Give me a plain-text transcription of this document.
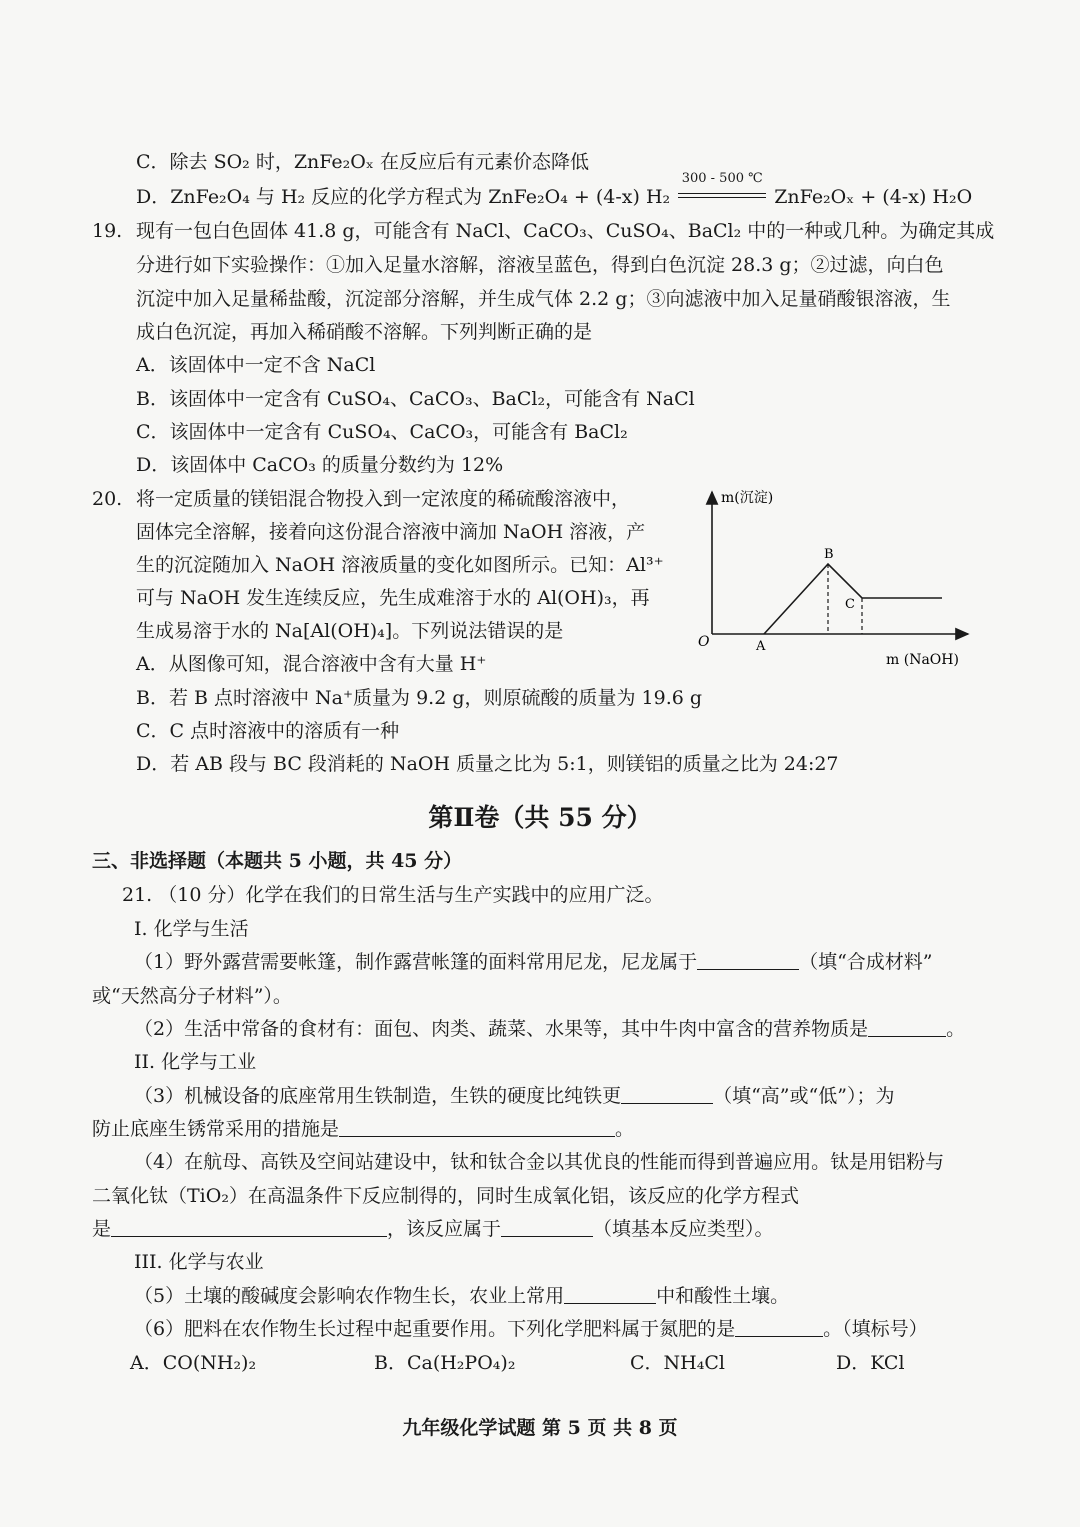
C．除去 SO₂ 时，ZnFe₂Oₓ 在反应后有元素价态降低
D．ZnFe₂O₄ 与 H₂ 反应的化学方程式为 ZnFe₂O₄ + (4-x) H₂
300 - 500 ℃
ZnFe₂Oₓ + (4-x) H₂O
19. 现有一包白色固体 41.8 g，可能含有 NaCl、CaCO₃、CuSO₄、BaCl₂ 中的一种或几种。为确定其成
分进行如下实验操作：①加入足量水溶解，溶液呈蓝色，得到白色沉淀 28.3 g；②过滤，向白色
沉淀中加入足量稀盐酸，沉淀部分溶解，并生成气体 2.2 g；③向滤液中加入足量硝酸银溶液，生
成白色沉淀，再加入稀硝酸不溶解。下列判断正确的是
A．该固体中一定不含 NaCl
B．该固体中一定含有 CuSO₄、CaCO₃、BaCl₂，可能含有 NaCl
C．该固体中一定含有 CuSO₄、CaCO₃，可能含有 BaCl₂
D．该固体中 CaCO₃ 的质量分数约为 12%
20. 将一定质量的镁铝混合物投入到一定浓度的稀硫酸溶液中，
固体完全溶解，接着向这份混合溶液中滴加 NaOH 溶液，产
生的沉淀随加入 NaOH 溶液质量的变化如图所示。已知：Al³⁺
可与 NaOH 发生连续反应，先生成难溶于水的 Al(OH)₃，再
生成易溶于水的 Na[Al(OH)₄]。下列说法错误的是
A．从图像可知，混合溶液中含有大量 H⁺
B．若 B 点时溶液中 Na⁺质量为 9.2 g，则原硫酸的质量为 19.6 g
C．C 点时溶液中的溶质有一种
D．若 AB 段与 BC 段消耗的 NaOH 质量之比为 5:1，则镁铝的质量之比为 24:27
m(沉淀)
m (NaOH)
O	A
B
C
第Ⅱ卷（共 55 分）
三、非选择题（本题共 5 小题，共 45 分）
21. （10 分）化学在我们的日常生活与生产实践中的应用广泛。
I. 化学与生活
（1）野外露营需要帐篷，制作露营帐篷的面料常用尼龙，尼龙属于	（填“合成材料”
或“天然高分子材料”）。
（2）生活中常备的食材有：面包、肉类、蔬菜、水果等，其中牛肉中富含的营养物质是	。
II. 化学与工业
（3）机械设备的底座常用生铁制造，生铁的硬度比纯铁更	（填“高”或“低”）；为
防止底座生锈常采用的措施是	。
（4）在航母、高铁及空间站建设中，钛和钛合金以其优良的性能而得到普遍应用。钛是用铝粉与
二氧化钛（TiO₂）在高温条件下反应制得的，同时生成氧化铝，该反应的化学方程式
是	，该反应属于	（填基本反应类型）。
III. 化学与农业
（5）土壤的酸碱度会影响农作物生长，农业上常用	中和酸性土壤。
（6）肥料在农作物生长过程中起重要作用。下列化学肥料属于氮肥的是	。（填标号）
A．CO(NH₂)₂	B．Ca(H₂PO₄)₂	C．NH₄Cl	D．KCl
九年级化学试题 第 5 页 共 8 页
